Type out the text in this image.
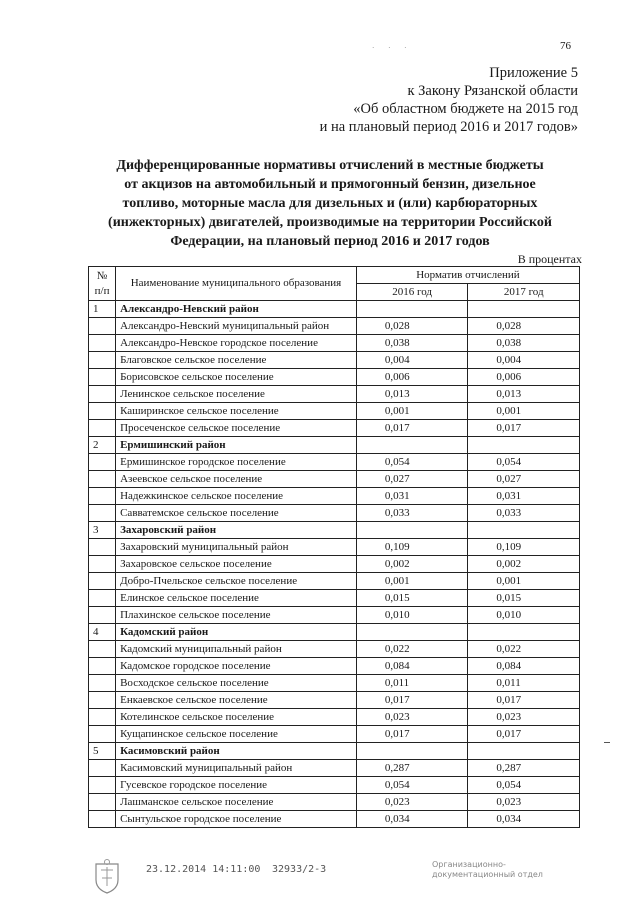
76
· · ·
Приложение 5
к Закону Рязанской области
«Об областном бюджете на 2015 год
и на плановый период 2016 и 2017 годов»
Дифференцированные нормативы отчислений в местные бюджеты
от акцизов на автомобильный и прямогонный бензин, дизельное
топливо, моторные масла для дизельных и (или) карбюраторных
(инжекторных) двигателей, производимые на территории Российской
Федерации, на плановый период 2016 и 2017 годов
В процентах
№ п/п	Наименование муниципального образования	Норматив отчислений	
		2016 год	2017 год
1	Александро-Невский район		
	Александро-Невский муниципальный район	0,028	0,028
	Александро-Невское городское поселение	0,038	0,038
	Благовское сельское поселение	0,004	0,004
	Борисовское сельское поселение	0,006	0,006
	Ленинское сельское поселение	0,013	0,013
	Каширинское сельское поселение	0,001	0,001
	Просеченское сельское поселение	0,017	0,017
2	Ермишинский район		
	Ермишинское городское поселение	0,054	0,054
	Азеевское сельское поселение	0,027	0,027
	Надежкинское сельское поселение	0,031	0,031
	Савватемское сельское поселение	0,033	0,033
3	Захаровский район		
	Захаровский муниципальный район	0,109	0,109
	Захаровское сельское поселение	0,002	0,002
	Добро-Пчельское сельское поселение	0,001	0,001
	Елинское сельское поселение	0,015	0,015
	Плахинское сельское поселение	0,010	0,010
4	Кадомский район		
	Кадомский муниципальный район	0,022	0,022
	Кадомское городское поселение	0,084	0,084
	Восходское сельское поселение	0,011	0,011
	Енкаевское сельское поселение	0,017	0,017
	Котелинское сельское поселение	0,023	0,023
	Кущапинское сельское поселение	0,017	0,017
5	Касимовский район		
	Касимовский муниципальный район	0,287	0,287
	Гусевское городское поселение	0,054	0,054
	Лашманское сельское поселение	0,023	0,023
	Сынтульское городское поселение	0,034	0,034
23.12.2014 14:11:00 32933/2-3	Организационно-
документационный отдел
